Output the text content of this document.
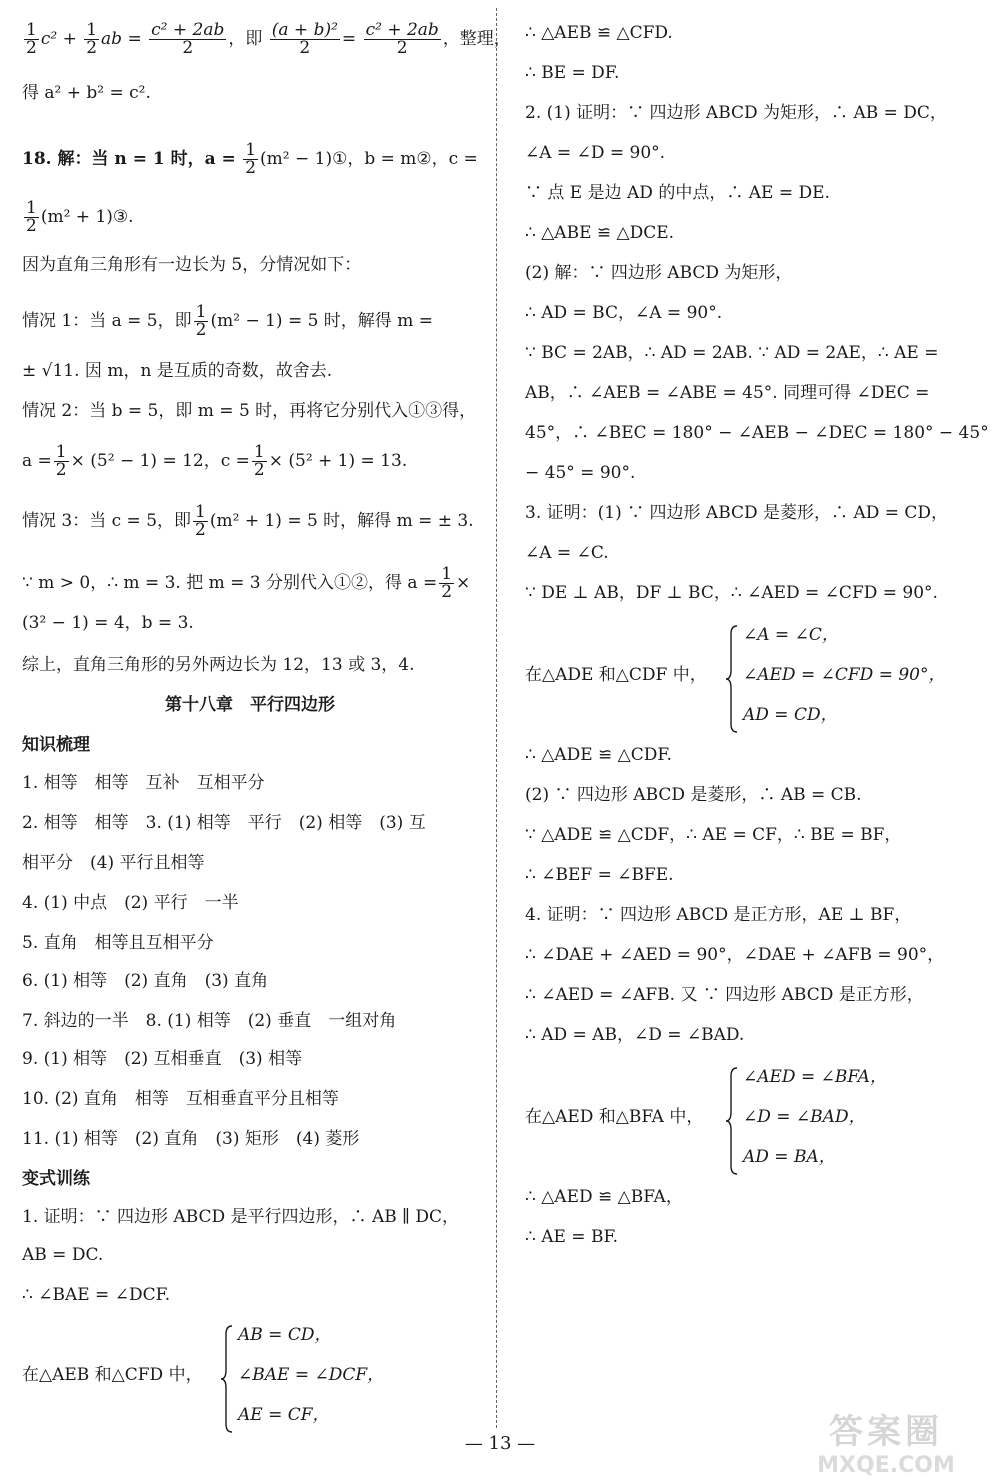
$\frac{1}{2} c^2 + \frac{1}{2}$ ab = $\frac{\text{c² + 2ab}}{2}$ ，即 $\frac{\text{(a + b)²}}{2} = \frac{\text{c² + 2ab}}{2}$ ，整理，
得 a² + b² = c².
18. 解：当 n = 1 时，$a = \frac{1}{2} (m^2$ − 1)①，b = m②，c =
$\frac{1}{2} (m^2$ + 1)③.
因为直角三角形有一边长为 5，分情况如下：
情况 1：当 a = 5，即 $\frac{1}{2} (m^2 - 1) = 5$ 时，解得 m =
± √11. 因 m，n 是互质的奇数，故舍去.
情况 2：当 b = 5，即 m = 5 时，再将它分别代入①③得，
$a = \frac{1}{2} \times (5^2 - 1) = 12$，$c = \frac{1}{2} \times (5^2 + 1) = 13$.
情况 3：当 c = 5，即 $\frac{1}{2} (m^2 + 1) = 5$ 时，解得 m = ± 3.
∵ m > 0，∴ m = 3. 把 m = 3 分别代入①②，得 $a = \frac{1}{2}$ ×
(3² − 1) = 4，b = 3.
综上，直角三角形的另外两边长为 12，13 或 3，4.
第十八章　平行四边形
知识梳理
1. 相等　相等　互补　互相平分
2. 相等　相等　3. (1) 相等　平行　(2) 相等　(3) 互
相平分　(4) 平行且相等
4. (1) 中点　(2) 平行　一半
5. 直角　相等且互相平分
6. (1) 相等　(2) 直角　(3) 直角
7. 斜边的一半　8. (1) 相等　(2) 垂直　一组对角
9. (1) 相等　(2) 互相垂直　(3) 相等
10. (2) 直角　相等　互相垂直平分且相等
11. (1) 相等　(2) 直角　(3) 矩形　(4) 菱形
变式训练
1. 证明：∵ 四边形 ABCD 是平行四边形，∴ AB ∥ DC，
AB = DC.
∴ ∠BAE = ∠DCF.
在△AEB 和△CFD 中，
AB = CD，
∠BAE = ∠DCF，
AE = CF，
∴ △AEB ≌ △CFD.
∴ BE = DF.
2. (1) 证明：∵ 四边形 ABCD 为矩形，∴ AB = DC，
∠A = ∠D = 90°.
∵ 点 E 是边 AD 的中点，∴ AE = DE.
∴ △ABE ≌ △DCE.
(2) 解：∵ 四边形 ABCD 为矩形，
∴ AD = BC，∠A = 90°.
∵ BC = 2AB，∴ AD = 2AB. ∵ AD = 2AE，∴ AE =
AB，∴ ∠AEB = ∠ABE = 45°. 同理可得 ∠DEC =
45°，∴ ∠BEC = 180° − ∠AEB − ∠DEC = 180° − 45°
− 45° = 90°.
3. 证明：(1) ∵ 四边形 ABCD 是菱形，∴ AD = CD，
∠A = ∠C.
∵ DE ⊥ AB，DF ⊥ BC，∴ ∠AED = ∠CFD = 90°.
在△ADE 和△CDF 中，
∠A = ∠C，
∠AED = ∠CFD = 90°，
AD = CD，
∴ △ADE ≌ △CDF.
(2) ∵ 四边形 ABCD 是菱形，∴ AB = CB.
∵ △ADE ≌ △CDF，∴ AE = CF，∴ BE = BF，
∴ ∠BEF = ∠BFE.
4. 证明：∵ 四边形 ABCD 是正方形，AE ⊥ BF，
∴ ∠DAE + ∠AED = 90°，∠DAE + ∠AFB = 90°，
∴ ∠AED = ∠AFB. 又 ∵ 四边形 ABCD 是正方形，
∴ AD = AB，∠D = ∠BAD.
在△AED 和△BFA 中，
∠AED = ∠BFA，
∠D = ∠BAD，
AD = BA，
∴ △AED ≌ △BFA，
∴ AE = BF.
— 13 —	答案圈
MXQE.COM
